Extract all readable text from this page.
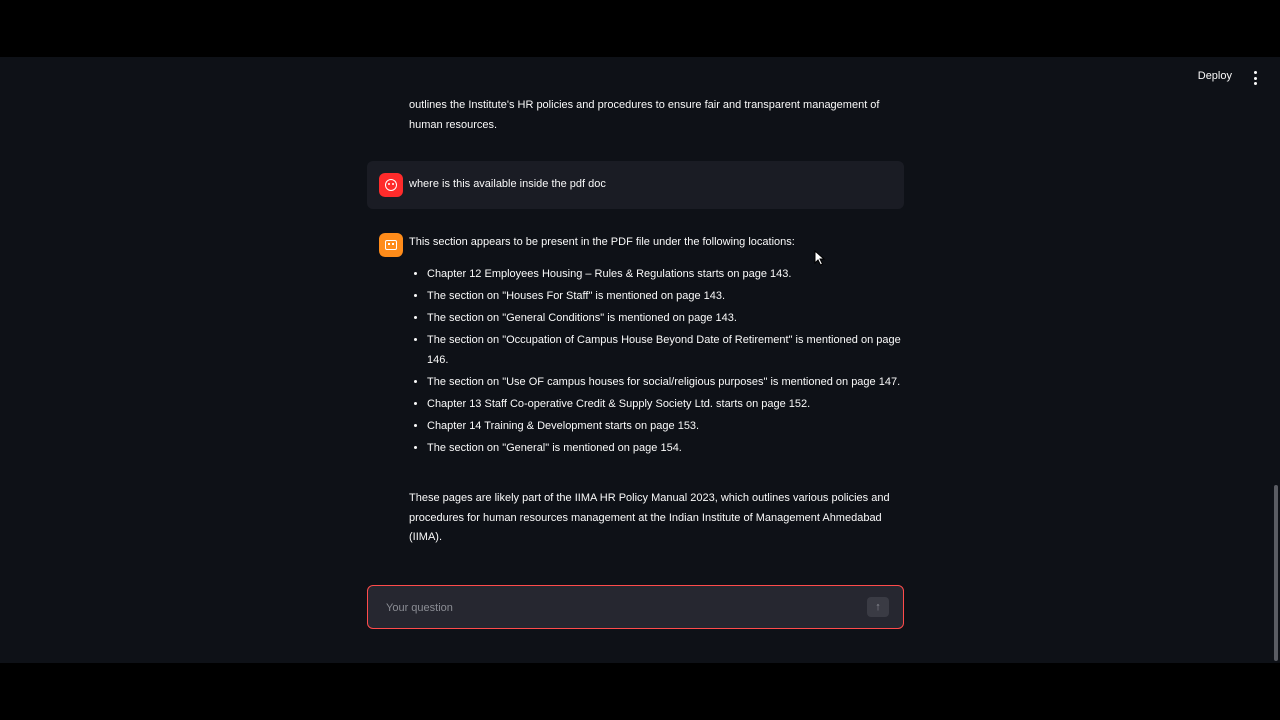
Deploy
outlines the Institute's HR policies and procedures to ensure fair and transparent management of human resources.
where is this available inside the pdf doc
This section appears to be present in the PDF file under the following locations:
• Chapter 12 Employees Housing – Rules & Regulations starts on page 143.
• The section on "Houses For Staff" is mentioned on page 143.
• The section on "General Conditions" is mentioned on page 143.
• The section on "Occupation of Campus House Beyond Date of Retirement" is mentioned on page 146.
• The section on "Use OF campus houses for social/religious purposes" is mentioned on page 147.
• Chapter 13 Staff Co-operative Credit & Supply Society Ltd. starts on page 152.
• Chapter 14 Training & Development starts on page 153.
• The section on "General" is mentioned on page 154.
These pages are likely part of the IIMA HR Policy Manual 2023, which outlines various policies and procedures for human resources management at the Indian Institute of Management Ahmedabad (IIMA).
Your question
↑
